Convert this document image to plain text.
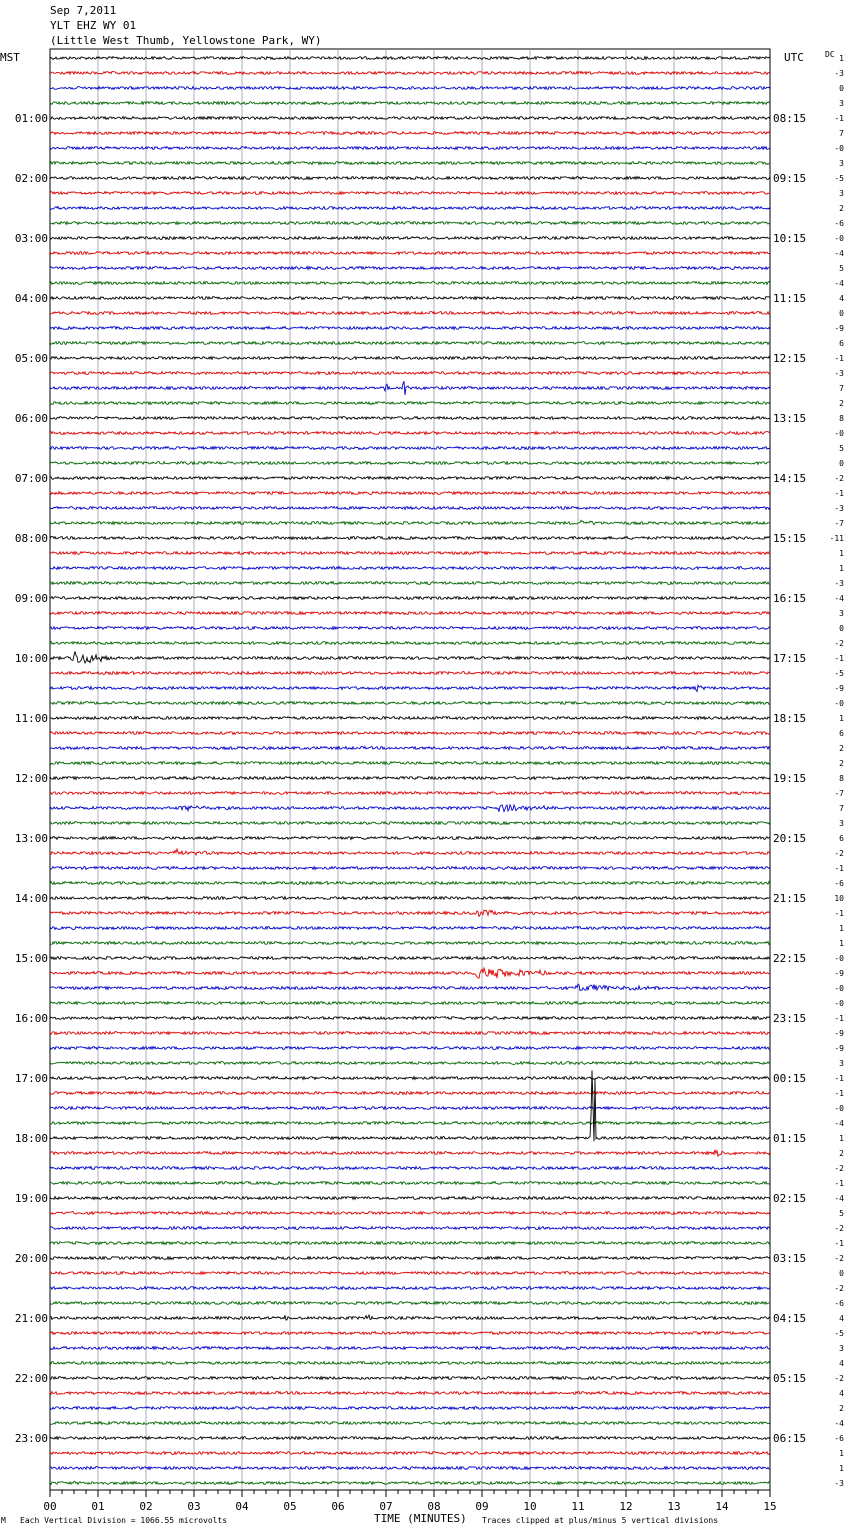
Sep 7,2011
YLT EHZ WY 01
(Little West Thumb, Yellowstone Park, WY)
MST	UTC	DC
00	01	02	03	04	05	06	07	08	09	10	11	12	13	14	15
1
-3
0
3
-1
7
-0
3
-5
3
2
-6
-0
-4
5
-4
4
0
-9
6
-1
-3
7
2
8
-0
5
0
-2
-1
-3
-7
-11
1
1
-3
-4
3
0
-2
-1
-5
-9
-0
1
6
2
2
8
-7
7
3
6
-2
-1
-6
10
-1
1
1
-0
-9
-0
-0
-1
-9
-9
3
-1
-1
-0
-4
1
2
-2
-1
-4
5
-2
-1
-2
0
-2
-6
4
-5
3
4
-2
4
2
-4
-6
1
1
-3
01:00	08:15
02:00	09:15
03:00	10:15
04:00	11:15
05:00	12:15
06:00	13:15
07:00	14:15
08:00	15:15
09:00	16:15
10:00	17:15
11:00	18:15
12:00	19:15
13:00	20:15
14:00	21:15
15:00	22:15
16:00	23:15
17:00	00:15
18:00	01:15
19:00	02:15
20:00	03:15
21:00	04:15
22:00	05:15
23:00	06:15
M Each Vertical Division = 1066.55 microvolts	TIME (MINUTES) Traces clipped at plus/minus 5 vertical divisions
